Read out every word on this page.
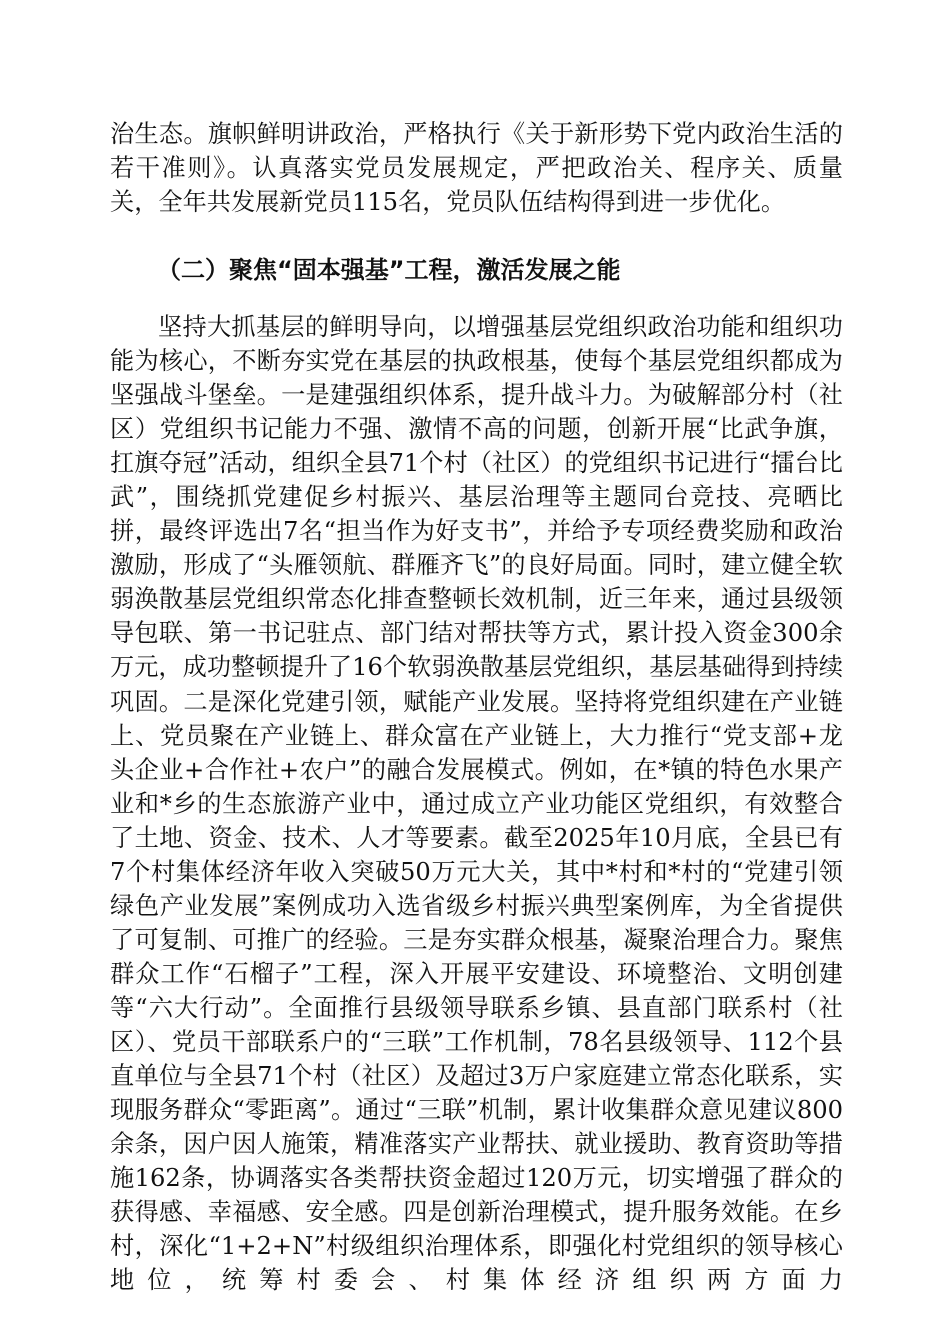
治生态。旗帜鲜明讲政治，严格执行《关于新形势下党内政治生活的若干准则》。认真落实党员发展规定，严把政治关、程序关、质量关，全年共发展新党员115名，党员队伍结构得到进一步优化。

（二）聚焦“固本强基”工程，激活发展之能

坚持大抓基层的鲜明导向，以增强基层党组织政治功能和组织功能为核心，不断夯实党在基层的执政根基，使每个基层党组织都成为坚强战斗堡垒。一是建强组织体系，提升战斗力。为破解部分村（社区）党组织书记能力不强、激情不高的问题，创新开展“比武争旗，扛旗夺冠”活动，组织全县71个村（社区）的党组织书记进行“擂台比武”，围绕抓党建促乡村振兴、基层治理等主题同台竞技、亮晒比拼，最终评选出7名“担当作为好支书”，并给予专项经费奖励和政治激励，形成了“头雁领航、群雁齐飞”的良好局面。同时，建立健全软弱涣散基层党组织常态化排查整顿长效机制，近三年来，通过县级领导包联、第一书记驻点、部门结对帮扶等方式，累计投入资金300余万元，成功整顿提升了16个软弱涣散基层党组织，基层基础得到持续巩固。二是深化党建引领，赋能产业发展。坚持将党组织建在产业链上、党员聚在产业链上、群众富在产业链上，大力推行“党支部+龙头企业+合作社+农户”的融合发展模式。例如，在*镇的特色水果产业和*乡的生态旅游产业中，通过成立产业功能区党组织，有效整合了土地、资金、技术、人才等要素。截至2025年10月底，全县已有7个村集体经济年收入突破50万元大关，其中*村和*村的“党建引领绿色产业发展”案例成功入选省级乡村振兴典型案例库，为全省提供了可复制、可推广的经验。三是夯实群众根基，凝聚治理合力。聚焦群众工作“石榴子”工程，深入开展平安建设、环境整治、文明创建等“六大行动”。全面推行县级领导联系乡镇、县直部门联系村（社区）、党员干部联系户的“三联”工作机制，78名县级领导、112个县直单位与全县71个村（社区）及超过3万户家庭建立常态化联系，实现服务群众“零距离”。通过“三联”机制，累计收集群众意见建议800余条，因户因人施策，精准落实产业帮扶、就业援助、教育资助等措施162条，协调落实各类帮扶资金超过120万元，切实增强了群众的获得感、幸福感、安全感。四是创新治理模式，提升服务效能。在乡村，深化“1+2+N”村级组织治理体系，即强化村党组织的领导核心地位，统筹村委会、村集体经济组织两方面力
